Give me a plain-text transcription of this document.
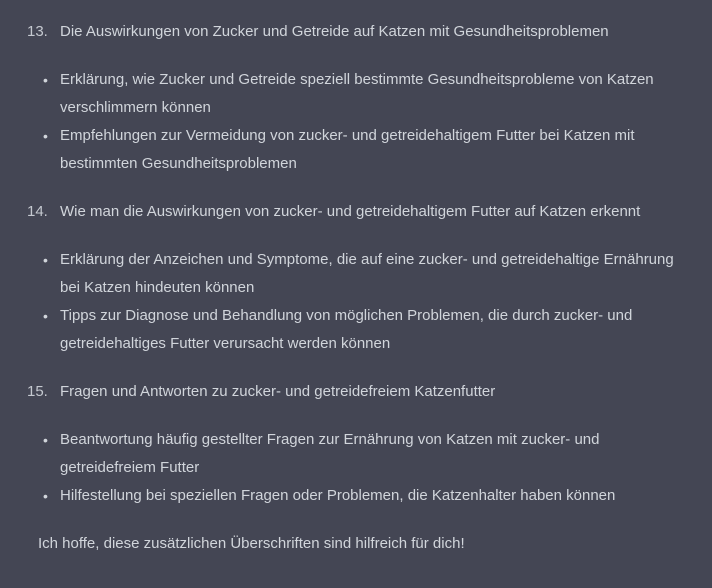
13. Die Auswirkungen von Zucker und Getreide auf Katzen mit Gesundheitsproblemen
• Erklärung, wie Zucker und Getreide speziell bestimmte Gesundheitsprobleme von Katzen verschlimmern können
• Empfehlungen zur Vermeidung von zucker- und getreidehaltigem Futter bei Katzen mit bestimmten Gesundheitsproblemen
14. Wie man die Auswirkungen von zucker- und getreidehaltigem Futter auf Katzen erkennt
• Erklärung der Anzeichen und Symptome, die auf eine zucker- und getreidehaltige Ernährung bei Katzen hindeuten können
• Tipps zur Diagnose und Behandlung von möglichen Problemen, die durch zucker- und getreidehaltiges Futter verursacht werden können
15. Fragen und Antworten zu zucker- und getreidefreiem Katzenfutter
• Beantwortung häufig gestellter Fragen zur Ernährung von Katzen mit zucker- und getreidefreiem Futter
• Hilfestellung bei speziellen Fragen oder Problemen, die Katzenhalter haben können

Ich hoffe, diese zusätzlichen Überschriften sind hilfreich für dich!
